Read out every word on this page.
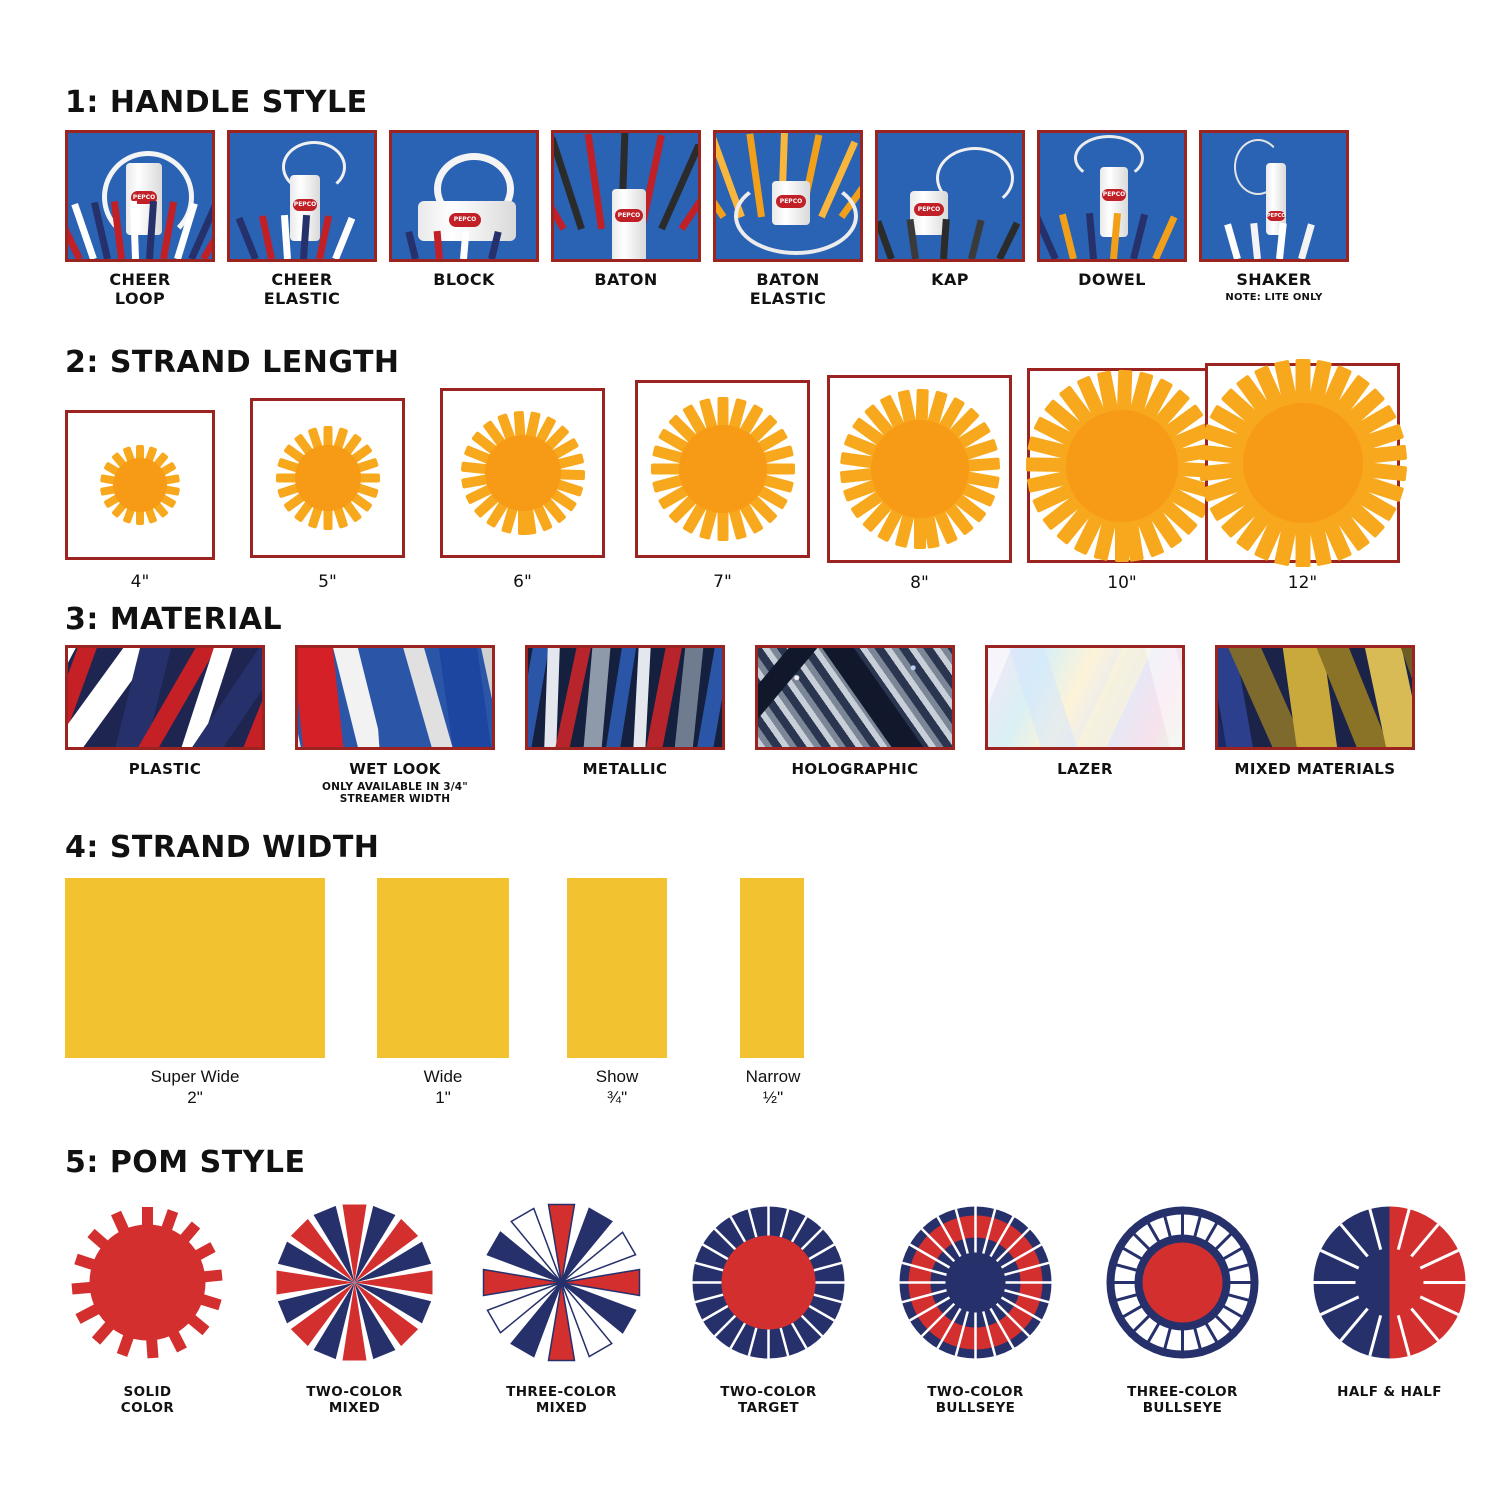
1: HANDLE STYLE
PEPCO
CHEER
LOOP
PEPCO
CHEER
ELASTIC
PEPCO
BLOCK
PEPCO
BATON
PEPCO
BATON
ELASTIC
PEPCO
KAP
PEPCO
DOWEL
PEPCO
SHAKER
NOTE: LITE ONLY
2: STRAND LENGTH
4"	5"	6"	7"	8"	10"	12"
3: MATERIAL
PLASTIC	WET LOOK
ONLY AVAILABLE IN 3/4" STREAMER WIDTH
METALLIC	HOLOGRAPHIC	LAZER	MIXED MATERIALS
4: STRAND WIDTH
Super Wide
2"
Wide
1"
Show
¾"
Narrow
½"
5: POM STYLE
SOLID
COLOR
TWO-COLOR
MIXED
THREE-COLOR
MIXED
TWO-COLOR
TARGET
TWO-COLOR
BULLSEYE
THREE-COLOR
BULLSEYE
HALF & HALF
